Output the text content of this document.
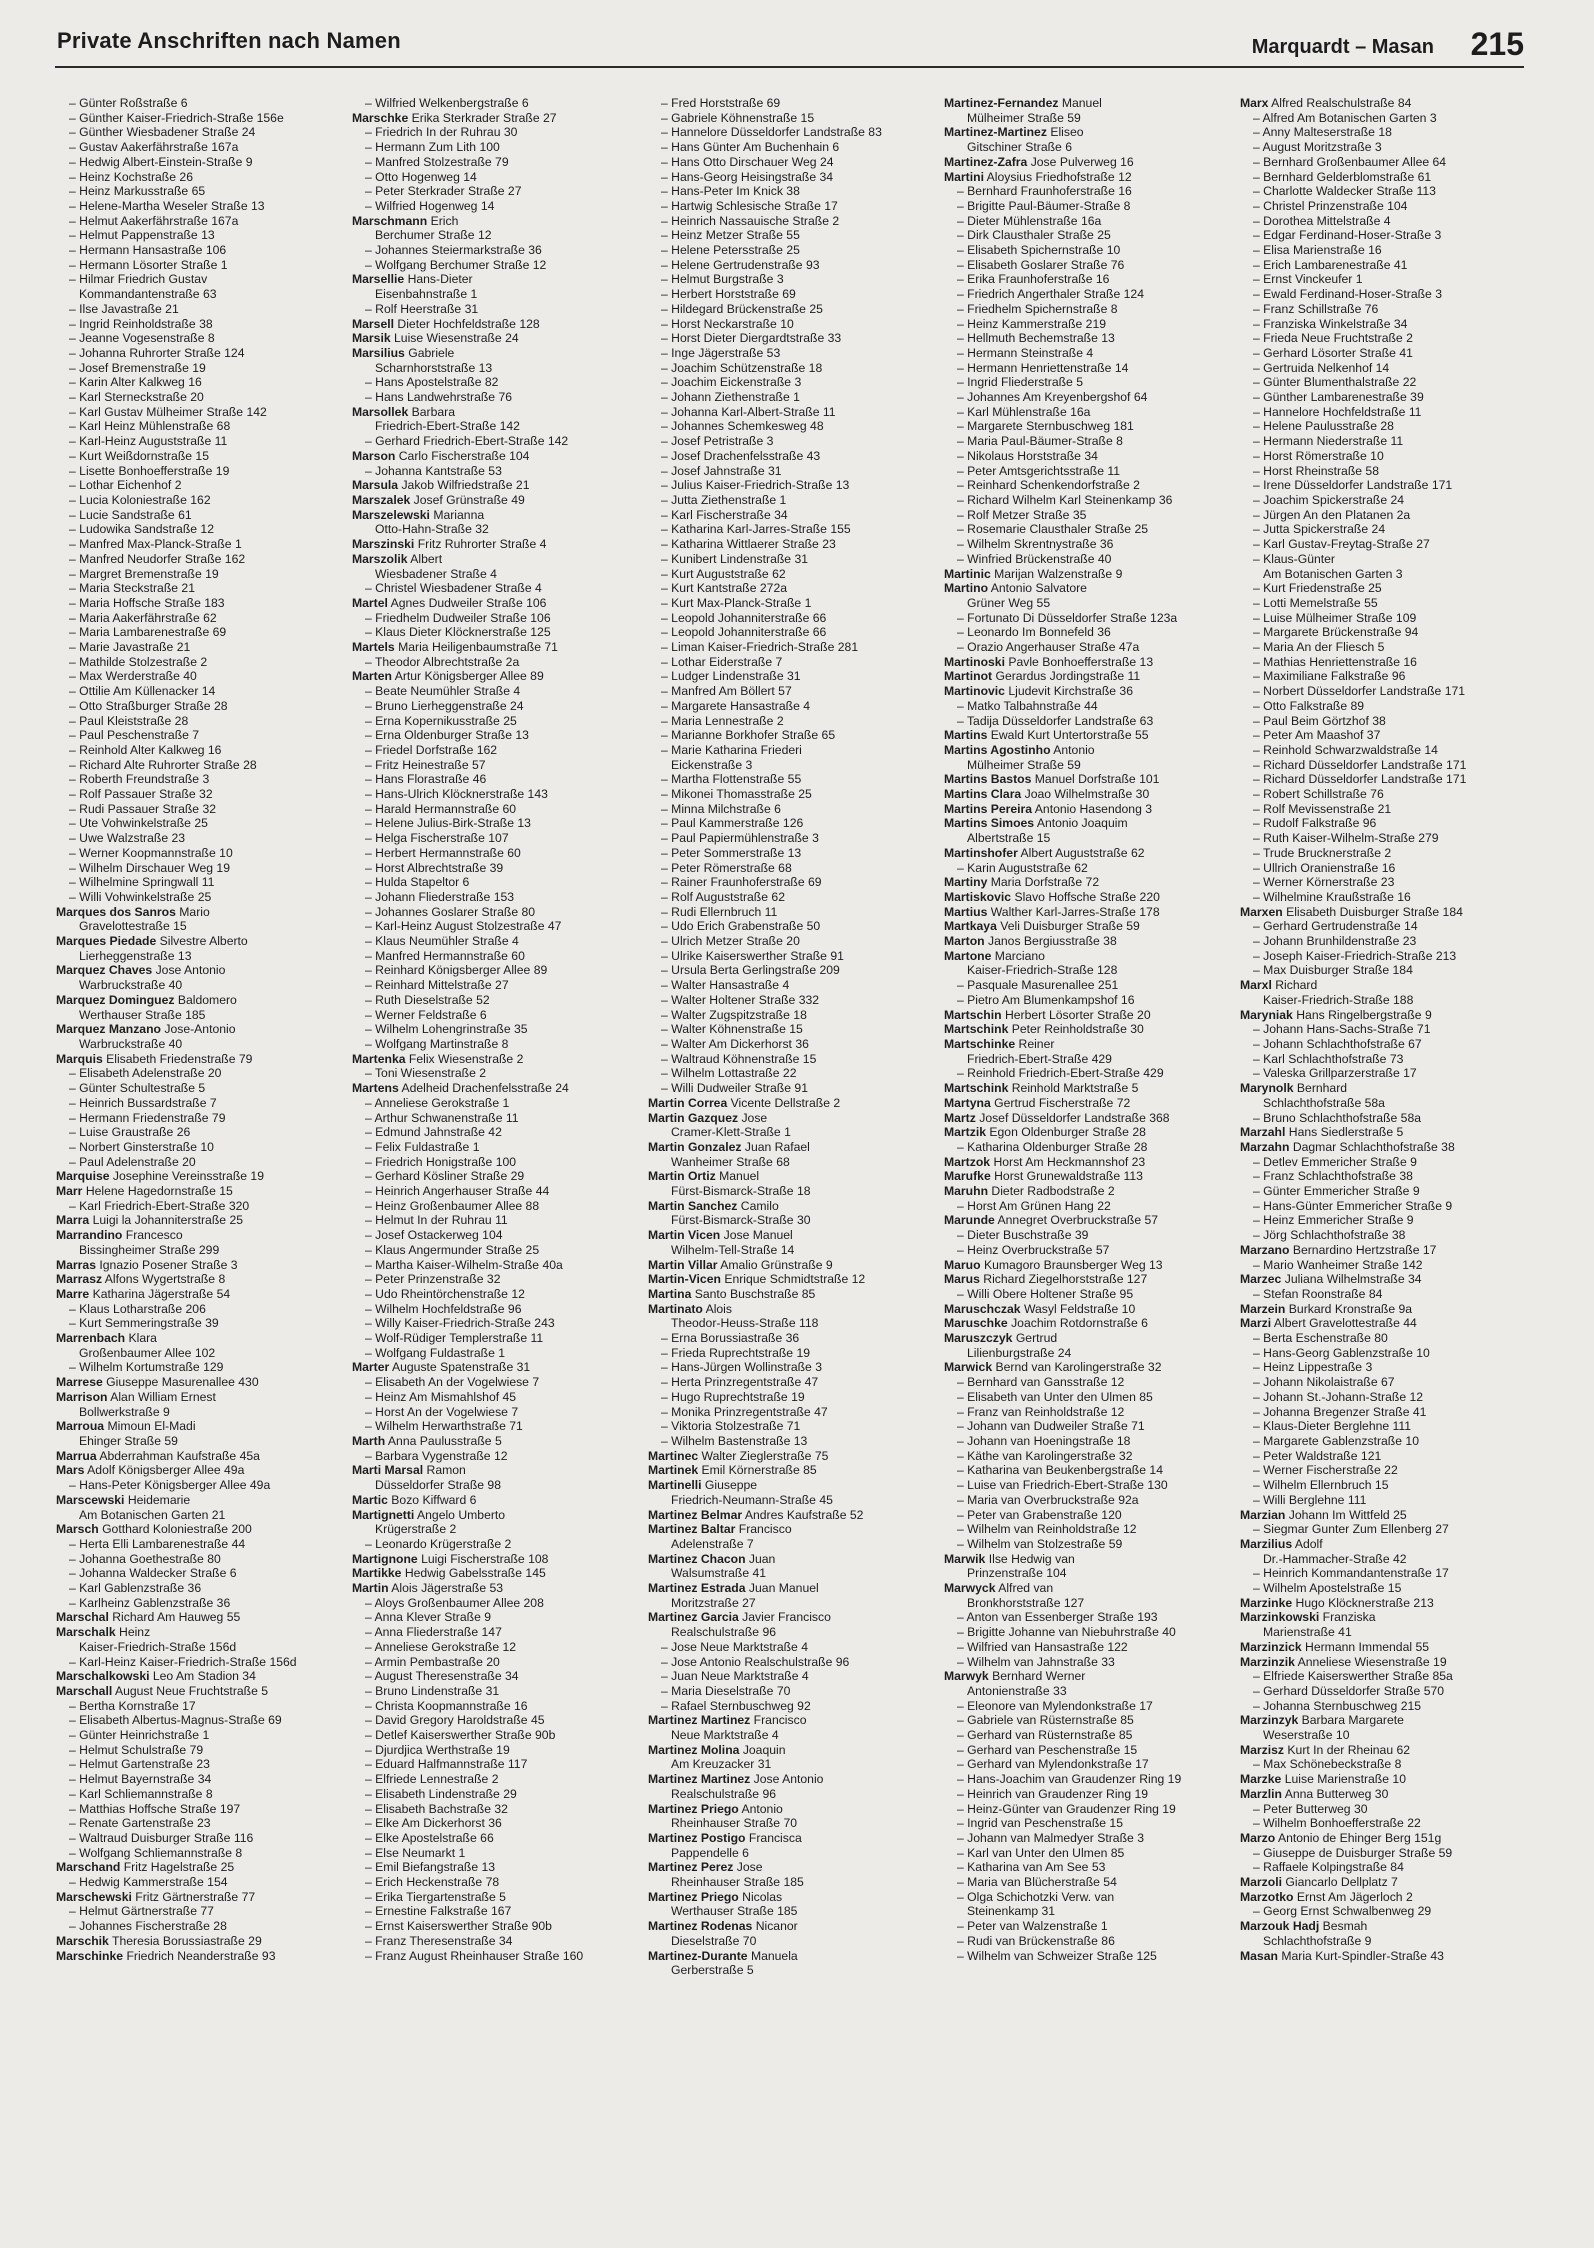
Private Anschriften nach Namen	Marquardt – Masan 215
– Günter Roßstraße 6
– Günther Kaiser-Friedrich-Straße 156e
– Günther Wiesbadener Straße 24
– Gustav Aakerfährstraße 167a
– Hedwig Albert-Einstein-Straße 9
– Heinz Kochstraße 26
– Heinz Markusstraße 65
– Helene-Martha Weseler Straße 13
– Helmut Aakerfährstraße 167a
– Helmut Pappenstraße 13
– Hermann Hansastraße 106
– Hermann Lösorter Straße 1
– Hilmar Friedrich Gustav
Kommandantenstraße 63
– Ilse Javastraße 21
– Ingrid Reinholdstraße 38
– Jeanne Vogesenstraße 8
– Johanna Ruhrorter Straße 124
– Josef Bremenstraße 19
– Karin Alter Kalkweg 16
– Karl Sterneckstraße 20
– Karl Gustav Mülheimer Straße 142
– Karl Heinz Mühlenstraße 68
– Karl-Heinz Auguststraße 11
– Kurt Weißdornstraße 15
– Lisette Bonhoefferstraße 19
– Lothar Eichenhof 2
– Lucia Koloniestraße 162
– Lucie Sandstraße 61
– Ludowika Sandstraße 12
– Manfred Max-Planck-Straße 1
– Manfred Neudorfer Straße 162
– Margret Bremenstraße 19
– Maria Steckstraße 21
– Maria Hoffsche Straße 183
– Maria Aakerfährstraße 62
– Maria Lambarenestraße 69
– Marie Javastraße 21
– Mathilde Stolzestraße 2
– Max Werderstraße 40
– Ottilie Am Küllenacker 14
– Otto Straßburger Straße 28
– Paul Kleiststraße 28
– Paul Peschenstraße 7
– Reinhold Alter Kalkweg 16
– Richard Alte Ruhrorter Straße 28
– Roberth Freundstraße 3
– Rolf Passauer Straße 32
– Rudi Passauer Straße 32
– Ute Vohwinkelstraße 25
– Uwe Walzstraße 23
– Werner Koopmannstraße 10
– Wilhelm Dirschauer Weg 19
– Wilhelmine Springwall 11
– Willi Vohwinkelstraße 25
Marques dos Sanros Mario
Gravelottestraße 15
Marques Piedade Silvestre Alberto
Lierheggenstraße 13
Marquez Chaves Jose Antonio
Warbruckstraße 40
Marquez Dominguez Baldomero
Werthauser Straße 185
Marquez Manzano Jose-Antonio
Warbruckstraße 40
Marquis Elisabeth Friedenstraße 79
– Elisabeth Adelenstraße 20
– Günter Schultestraße 5
– Heinrich Bussardstraße 7
– Hermann Friedenstraße 79
– Luise Graustraße 26
– Norbert Ginsterstraße 10
– Paul Adelenstraße 20
Marquise Josephine Vereinsstraße 19
Marr Helene Hagedornstraße 15
– Karl Friedrich-Ebert-Straße 320
Marra Luigi la Johanniterstraße 25
Marrandino Francesco
Bissingheimer Straße 299
Marras Ignazio Posener Straße 3
Marrasz Alfons Wygertstraße 8
Marre Katharina Jägerstraße 54
– Klaus Lotharstraße 206
– Kurt Semmeringstraße 39
Marrenbach Klara
Großenbaumer Allee 102
– Wilhelm Kortumstraße 129
Marrese Giuseppe Masurenallee 430
Marrison Alan William Ernest
Bollwerkstraße 9
Marroua Mimoun El-Madi
Ehinger Straße 59
Marrua Abderrahman Kaufstraße 45a
Mars Adolf Königsberger Allee 49a
– Hans-Peter Königsberger Allee 49a
Marscewski Heidemarie
Am Botanischen Garten 21
Marsch Gotthard Koloniestraße 200
– Herta Elli Lambarenestraße 44
– Johanna Goethestraße 80
– Johanna Waldecker Straße 6
– Karl Gablenzstraße 36
– Karlheinz Gablenzstraße 36
Marschal Richard Am Hauweg 55
Marschalk Heinz
Kaiser-Friedrich-Straße 156d
– Karl-Heinz Kaiser-Friedrich-Straße 156d
Marschalkowski Leo Am Stadion 34
Marschall August Neue Fruchtstraße 5
– Bertha Kornstraße 17
– Elisabeth Albertus-Magnus-Straße 69
– Günter Heinrichstraße 1
– Helmut Schulstraße 79
– Helmut Gartenstraße 23
– Helmut Bayernstraße 34
– Karl Schliemannstraße 8
– Matthias Hoffsche Straße 197
– Renate Gartenstraße 23
– Waltraud Duisburger Straße 116
– Wolfgang Schliemannstraße 8
Marschand Fritz Hagelstraße 25
– Hedwig Kammerstraße 154
Marschewski Fritz Gärtnerstraße 77
– Helmut Gärtnerstraße 77
– Johannes Fischerstraße 28
Marschik Theresia Borussiastraße 29
Marschinke Friedrich Neanderstraße 93
– Wilfried Welkenbergstraße 6
Marschke Erika Sterkrader Straße 27
– Friedrich In der Ruhrau 30
– Hermann Zum Lith 100
– Manfred Stolzestraße 79
– Otto Hogenweg 14
– Peter Sterkrader Straße 27
– Wilfried Hogenweg 14
Marschmann Erich
Berchumer Straße 12
– Johannes Steiermarkstraße 36
– Wolfgang Berchumer Straße 12
Marsellie Hans-Dieter
Eisenbahnstraße 1
– Rolf Heerstraße 31
Marsell Dieter Hochfeldstraße 128
Marsik Luise Wiesenstraße 24
Marsilius Gabriele
Scharnhorststraße 13
– Hans Apostelstraße 82
– Hans Landwehrstraße 76
Marsollek Barbara
Friedrich-Ebert-Straße 142
– Gerhard Friedrich-Ebert-Straße 142
Marson Carlo Fischerstraße 104
– Johanna Kantstraße 53
Marsula Jakob Wilfriedstraße 21
Marszalek Josef Grünstraße 49
Marszelewski Marianna
Otto-Hahn-Straße 32
Marszinski Fritz Ruhrorter Straße 4
Marszolik Albert
Wiesbadener Straße 4
– Christel Wiesbadener Straße 4
Martel Agnes Dudweiler Straße 106
– Friedhelm Dudweiler Straße 106
– Klaus Dieter Klöcknerstraße 125
Martels Maria Heiligenbaumstraße 71
– Theodor Albrechtstraße 2a
Marten Artur Königsberger Allee 89
– Beate Neumühler Straße 4
– Bruno Lierheggenstraße 24
– Erna Kopernikusstraße 25
– Erna Oldenburger Straße 13
– Friedel Dorfstraße 162
– Fritz Heinestraße 57
– Hans Florastraße 46
– Hans-Ulrich Klöcknerstraße 143
– Harald Hermannstraße 60
– Helene Julius-Birk-Straße 13
– Helga Fischerstraße 107
– Herbert Hermannstraße 60
– Horst Albrechtstraße 39
– Hulda Stapeltor 6
– Johann Fliederstraße 153
– Johannes Goslarer Straße 80
– Karl-Heinz August Stolzestraße 47
– Klaus Neumühler Straße 4
– Manfred Hermannstraße 60
– Reinhard Königsberger Allee 89
– Reinhard Mittelstraße 27
– Ruth Dieselstraße 52
– Werner Feldstraße 6
– Wilhelm Lohengrinstraße 35
– Wolfgang Martinstraße 8
Martenka Felix Wiesenstraße 2
– Toni Wiesenstraße 2
Martens Adelheid Drachenfelsstraße 24
– Anneliese Gerokstraße 1
– Arthur Schwanenstraße 11
– Edmund Jahnstraße 42
– Felix Fuldastraße 1
– Friedrich Honigstraße 100
– Gerhard Kösliner Straße 29
– Heinrich Angerhauser Straße 44
– Heinz Großenbaumer Allee 88
– Helmut In der Ruhrau 11
– Josef Ostackerweg 104
– Klaus Angermunder Straße 25
– Martha Kaiser-Wilhelm-Straße 40a
– Peter Prinzenstraße 32
– Udo Rheintörchenstraße 12
– Wilhelm Hochfeldstraße 96
– Willy Kaiser-Friedrich-Straße 243
– Wolf-Rüdiger Templerstraße 11
– Wolfgang Fuldastraße 1
Marter Auguste Spatenstraße 31
– Elisabeth An der Vogelwiese 7
– Heinz Am Mismahlshof 45
– Horst An der Vogelwiese 7
– Wilhelm Herwarthstraße 71
Marth Anna Paulusstraße 5
– Barbara Vygenstraße 12
Marti Marsal Ramon
Düsseldorfer Straße 98
Martic Bozo Kiffward 6
Martignetti Angelo Umberto
Krügerstraße 2
– Leonardo Krügerstraße 2
Martignone Luigi Fischerstraße 108
Martikke Hedwig Gabelsstraße 145
Martin Alois Jägerstraße 53
– Aloys Großenbaumer Allee 208
– Anna Klever Straße 9
– Anna Fliederstraße 147
– Anneliese Gerokstraße 12
– Armin Pembastraße 20
– August Theresenstraße 34
– Bruno Lindenstraße 31
– Christa Koopmannstraße 16
– David Gregory Haroldstraße 45
– Detlef Kaiserswerther Straße 90b
– Djurdjica Werthstraße 19
– Eduard Halfmannstraße 117
– Elfriede Lennestraße 2
– Elisabeth Lindenstraße 29
– Elisabeth Bachstraße 32
– Elke Am Dickerhorst 36
– Elke Apostelstraße 66
– Else Neumarkt 1
– Emil Biefangstraße 13
– Erich Heckenstraße 78
– Erika Tiergartenstraße 5
– Ernestine Falkstraße 167
– Ernst Kaiserswerther Straße 90b
– Franz Theresenstraße 34
– Franz August Rheinhauser Straße 160
– Fred Horststraße 69
– Gabriele Köhnenstraße 15
– Hannelore Düsseldorfer Landstraße 83
– Hans Günter Am Buchenhain 6
– Hans Otto Dirschauer Weg 24
– Hans-Georg Heisingstraße 34
– Hans-Peter Im Knick 38
– Hartwig Schlesische Straße 17
– Heinrich Nassauische Straße 2
– Heinz Metzer Straße 55
– Helene Petersstraße 25
– Helene Gertrudenstraße 93
– Helmut Burgstraße 3
– Herbert Horststraße 69
– Hildegard Brückenstraße 25
– Horst Neckarstraße 10
– Horst Dieter Diergardtstraße 33
– Inge Jägerstraße 53
– Joachim Schützenstraße 18
– Joachim Eickenstraße 3
– Johann Ziethenstraße 1
– Johanna Karl-Albert-Straße 11
– Johannes Schemkesweg 48
– Josef Petristraße 3
– Josef Drachenfelsstraße 43
– Josef Jahnstraße 31
– Julius Kaiser-Friedrich-Straße 13
– Jutta Ziethenstraße 1
– Karl Fischerstraße 34
– Katharina Karl-Jarres-Straße 155
– Katharina Wittlaerer Straße 23
– Kunibert Lindenstraße 31
– Kurt Auguststraße 62
– Kurt Kantstraße 272a
– Kurt Max-Planck-Straße 1
– Leopold Johanniterstraße 66
– Leopold Johanniterstraße 66
– Liman Kaiser-Friedrich-Straße 281
– Lothar Eiderstraße 7
– Ludger Lindenstraße 31
– Manfred Am Böllert 57
– Margarete Hansastraße 4
– Maria Lennestraße 2
– Marianne Borkhofer Straße 65
– Marie Katharina Friederi
Eickenstraße 3
– Martha Flottenstraße 55
– Mikonei Thomasstraße 25
– Minna Milchstraße 6
– Paul Kammerstraße 126
– Paul Papiermühlenstraße 3
– Peter Sommerstraße 13
– Peter Römerstraße 68
– Rainer Fraunhoferstraße 69
– Rolf Auguststraße 62
– Rudi Ellernbruch 11
– Udo Erich Grabenstraße 50
– Ulrich Metzer Straße 20
– Ulrike Kaiserswerther Straße 91
– Ursula Berta Gerlingstraße 209
– Walter Hansastraße 4
– Walter Holtener Straße 332
– Walter Zugspitzstraße 18
– Walter Köhnenstraße 15
– Walter Am Dickerhorst 36
– Waltraud Köhnenstraße 15
– Wilhelm Lottastraße 22
– Willi Dudweiler Straße 91
Martin Correa Vicente Dellstraße 2
Martin Gazquez Jose
Cramer-Klett-Straße 1
Martin Gonzalez Juan Rafael
Wanheimer Straße 68
Martin Ortiz Manuel
Fürst-Bismarck-Straße 18
Martin Sanchez Camilo
Fürst-Bismarck-Straße 30
Martin Vicen Jose Manuel
Wilhelm-Tell-Straße 14
Martin Villar Amalio Grünstraße 9
Martin-Vicen Enrique Schmidtstraße 12
Martina Santo Buschstraße 85
Martinato Alois
Theodor-Heuss-Straße 118
– Erna Borussiastraße 36
– Frieda Ruprechtstraße 19
– Hans-Jürgen Wollinstraße 3
– Herta Prinzregentstraße 47
– Hugo Ruprechtstraße 19
– Monika Prinzregentstraße 47
– Viktoria Stolzestraße 71
– Wilhelm Bastenstraße 13
Martinec Walter Zieglerstraße 75
Martinek Emil Körnerstraße 85
Martinelli Giuseppe
Friedrich-Neumann-Straße 45
Martinez Belmar Andres Kaufstraße 52
Martinez Baltar Francisco
Adelenstraße 7
Martinez Chacon Juan
Walsumstraße 41
Martinez Estrada Juan Manuel
Moritzstraße 27
Martinez Garcia Javier Francisco
Realschulstraße 96
– Jose Neue Marktstraße 4
– Jose Antonio Realschulstraße 96
– Juan Neue Marktstraße 4
– Maria Dieselstraße 70
– Rafael Sternbuschweg 92
Martinez Martinez Francisco
Neue Marktstraße 4
Martinez Molina Joaquin
Am Kreuzacker 31
Martinez Martinez Jose Antonio
Realschulstraße 96
Martinez Priego Antonio
Rheinhauser Straße 70
Martinez Postigo Francisca
Pappendelle 6
Martinez Perez Jose
Rheinhauser Straße 185
Martinez Priego Nicolas
Werthauser Straße 185
Martinez Rodenas Nicanor
Dieselstraße 70
Martinez-Durante Manuela
Gerberstraße 5
Martinez-Fernandez Manuel
Mülheimer Straße 59
Martinez-Martinez Eliseo
Gitschiner Straße 6
Martinez-Zafra Jose Pulverweg 16
Martini Aloysius Friedhofstraße 12
– Bernhard Fraunhoferstraße 16
– Brigitte Paul-Bäumer-Straße 8
– Dieter Mühlenstraße 16a
– Dirk Clausthaler Straße 25
– Elisabeth Spichernstraße 10
– Elisabeth Goslarer Straße 76
– Erika Fraunhoferstraße 16
– Friedrich Angerthaler Straße 124
– Friedhelm Spichernstraße 8
– Heinz Kammerstraße 219
– Hellmuth Bechemstraße 13
– Hermann Steinstraße 4
– Hermann Henriettenstraße 14
– Ingrid Fliederstraße 5
– Johannes Am Kreyenbergshof 64
– Karl Mühlenstraße 16a
– Margarete Sternbuschweg 181
– Maria Paul-Bäumer-Straße 8
– Nikolaus Horststraße 34
– Peter Amtsgerichtsstraße 11
– Reinhard Schenkendorfstraße 2
– Richard Wilhelm Karl Steinenkamp 36
– Rolf Metzer Straße 35
– Rosemarie Clausthaler Straße 25
– Wilhelm Skrentnystraße 36
– Winfried Brückenstraße 40
Martinic Marijan Walzenstraße 9
Martino Antonio Salvatore
Grüner Weg 55
– Fortunato Di Düsseldorfer Straße 123a
– Leonardo Im Bonnefeld 36
– Orazio Angerhauser Straße 47a
Martinoski Pavle Bonhoefferstraße 13
Martinot Gerardus Jordingstraße 11
Martinovic Ljudevit Kirchstraße 36
– Matko Talbahnstraße 44
– Tadija Düsseldorfer Landstraße 63
Martins Ewald Kurt Untertorstraße 55
Martins Agostinho Antonio
Mülheimer Straße 59
Martins Bastos Manuel Dorfstraße 101
Martins Clara Joao Wilhelmstraße 30
Martins Pereira Antonio Hasendong 3
Martins Simoes Antonio Joaquim
Albertstraße 15
Martinshofer Albert Auguststraße 62
– Karin Auguststraße 62
Martiny Maria Dorfstraße 72
Martiskovic Slavo Hoffsche Straße 220
Martius Walther Karl-Jarres-Straße 178
Martkaya Veli Duisburger Straße 59
Marton Janos Bergiusstraße 38
Martone Marciano
Kaiser-Friedrich-Straße 128
– Pasquale Masurenallee 251
– Pietro Am Blumenkampshof 16
Martschin Herbert Lösorter Straße 20
Martschink Peter Reinholdstraße 30
Martschinke Reiner
Friedrich-Ebert-Straße 429
– Reinhold Friedrich-Ebert-Straße 429
Martschink Reinhold Marktstraße 5
Martyna Gertrud Fischerstraße 72
Martz Josef Düsseldorfer Landstraße 368
Martzik Egon Oldenburger Straße 28
– Katharina Oldenburger Straße 28
Martzok Horst Am Heckmannshof 23
Marufke Horst Grunewaldstraße 113
Maruhn Dieter Radbodstraße 2
– Horst Am Grünen Hang 22
Marunde Annegret Overbruckstraße 57
– Dieter Buschstraße 39
– Heinz Overbruckstraße 57
Maruo Kumagoro Braunsberger Weg 13
Marus Richard Ziegelhorststraße 127
– Willi Obere Holtener Straße 95
Maruschczak Wasyl Feldstraße 10
Maruschke Joachim Rotdornstraße 6
Maruszczyk Gertrud
Lilienburgstraße 24
Marwick Bernd van Karolingerstraße 32
– Bernhard van Gansstraße 12
– Elisabeth van Unter den Ulmen 85
– Franz van Reinholdstraße 12
– Johann van Dudweiler Straße 71
– Johann van Hoeningstraße 18
– Käthe van Karolingerstraße 32
– Katharina van Beukenbergstraße 14
– Luise van Friedrich-Ebert-Straße 130
– Maria van Overbruckstraße 92a
– Peter van Grabenstraße 120
– Wilhelm van Reinholdstraße 12
– Wilhelm van Stolzestraße 59
Marwik Ilse Hedwig van
Prinzenstraße 104
Marwyck Alfred van
Bronkhorststraße 127
– Anton van Essenberger Straße 193
– Brigitte Johanne van Niebuhrstraße 40
– Wilfried van Hansastraße 122
– Wilhelm van Jahnstraße 33
Marwyk Bernhard Werner
Antonienstraße 33
– Eleonore van Mylendonkstraße 17
– Gabriele van Rüsternstraße 85
– Gerhard van Rüsternstraße 85
– Gerhard van Peschenstraße 15
– Gerhard van Mylendonkstraße 17
– Hans-Joachim van Graudenzer Ring 19
– Heinrich van Graudenzer Ring 19
– Heinz-Günter van Graudenzer Ring 19
– Ingrid van Peschenstraße 15
– Johann van Malmedyer Straße 3
– Karl van Unter den Ulmen 85
– Katharina van Am See 53
– Maria van Blücherstraße 54
– Olga Schichotzki Verw. van
Steinenkamp 31
– Peter van Walzenstraße 1
– Rudi van Brückenstraße 86
– Wilhelm van Schweizer Straße 125
Marx Alfred Realschulstraße 84
– Alfred Am Botanischen Garten 3
– Anny Malteserstraße 18
– August Moritzstraße 3
– Bernhard Großenbaumer Allee 64
– Bernhard Gelderblomstraße 61
– Charlotte Waldecker Straße 113
– Christel Prinzenstraße 104
– Dorothea Mittelstraße 4
– Edgar Ferdinand-Hoser-Straße 3
– Elisa Marienstraße 16
– Erich Lambarenestraße 41
– Ernst Vinckeufer 1
– Ewald Ferdinand-Hoser-Straße 3
– Franz Schillstraße 76
– Franziska Winkelstraße 34
– Frieda Neue Fruchtstraße 2
– Gerhard Lösorter Straße 41
– Gertruida Nelkenhof 14
– Günter Blumenthalstraße 22
– Günther Lambarenestraße 39
– Hannelore Hochfeldstraße 11
– Helene Paulusstraße 28
– Hermann Niederstraße 11
– Horst Römerstraße 10
– Horst Rheinstraße 58
– Irene Düsseldorfer Landstraße 171
– Joachim Spickerstraße 24
– Jürgen An den Platanen 2a
– Jutta Spickerstraße 24
– Karl Gustav-Freytag-Straße 27
– Klaus-Günter
Am Botanischen Garten 3
– Kurt Friedenstraße 25
– Lotti Memelstraße 55
– Luise Mülheimer Straße 109
– Margarete Brückenstraße 94
– Maria An der Fliesch 5
– Mathias Henriettenstraße 16
– Maximiliane Falkstraße 96
– Norbert Düsseldorfer Landstraße 171
– Otto Falkstraße 89
– Paul Beim Görtzhof 38
– Peter Am Maashof 37
– Reinhold Schwarzwaldstraße 14
– Richard Düsseldorfer Landstraße 171
– Richard Düsseldorfer Landstraße 171
– Robert Schillstraße 76
– Rolf Mevissenstraße 21
– Rudolf Falkstraße 96
– Ruth Kaiser-Wilhelm-Straße 279
– Trude Brucknerstraße 2
– Ullrich Oranienstraße 16
– Werner Körnerstraße 23
– Wilhelmine Kraußstraße 16
Marxen Elisabeth Duisburger Straße 184
– Gerhard Gertrudenstraße 14
– Johann Brunhildenstraße 23
– Joseph Kaiser-Friedrich-Straße 213
– Max Duisburger Straße 184
Marxl Richard
Kaiser-Friedrich-Straße 188
Maryniak Hans Ringelbergstraße 9
– Johann Hans-Sachs-Straße 71
– Johann Schlachthofstraße 67
– Karl Schlachthofstraße 73
– Valeska Grillparzerstraße 17
Marynolk Bernhard
Schlachthofstraße 58a
– Bruno Schlachthofstraße 58a
Marzahl Hans Siedlerstraße 5
Marzahn Dagmar Schlachthofstraße 38
– Detlev Emmericher Straße 9
– Franz Schlachthofstraße 38
– Günter Emmericher Straße 9
– Hans-Günter Emmericher Straße 9
– Heinz Emmericher Straße 9
– Jörg Schlachthofstraße 38
Marzano Bernardino Hertzstraße 17
– Mario Wanheimer Straße 142
Marzec Juliana Wilhelmstraße 34
– Stefan Roonstraße 84
Marzein Burkard Kronstraße 9a
Marzi Albert Gravelottestraße 44
– Berta Eschenstraße 80
– Hans-Georg Gablenzstraße 10
– Heinz Lippestraße 3
– Johann Nikolaistraße 67
– Johann St.-Johann-Straße 12
– Johanna Bregenzer Straße 41
– Klaus-Dieter Berglehne 111
– Margarete Gablenzstraße 10
– Peter Waldstraße 121
– Werner Fischerstraße 22
– Wilhelm Ellernbruch 15
– Willi Berglehne 111
Marzian Johann Im Wittfeld 25
– Siegmar Gunter Zum Ellenberg 27
Marzilius Adolf
Dr.-Hammacher-Straße 42
– Heinrich Kommandantenstraße 17
– Wilhelm Apostelstraße 15
Marzinke Hugo Klöcknerstraße 213
Marzinkowski Franziska
Marienstraße 41
Marzinzick Hermann Immendal 55
Marzinzik Anneliese Wiesenstraße 19
– Elfriede Kaiserswerther Straße 85a
– Gerhard Düsseldorfer Straße 570
– Johanna Sternbuschweg 215
Marzinzyk Barbara Margarete
Weserstraße 10
Marzisz Kurt In der Rheinau 62
– Max Schönebeckstraße 8
Marzke Luise Marienstraße 10
Marzlin Anna Butterweg 30
– Peter Butterweg 30
– Wilhelm Bonhoefferstraße 22
Marzo Antonio de Ehinger Berg 151g
– Giuseppe de Duisburger Straße 59
– Raffaele Kolpingstraße 84
Marzoli Giancarlo Dellplatz 7
Marzotko Ernst Am Jägerloch 2
– Georg Ernst Schwalbenweg 29
Marzouk Hadj Besmah
Schlachthofstraße 9
Masan Maria Kurt-Spindler-Straße 43
